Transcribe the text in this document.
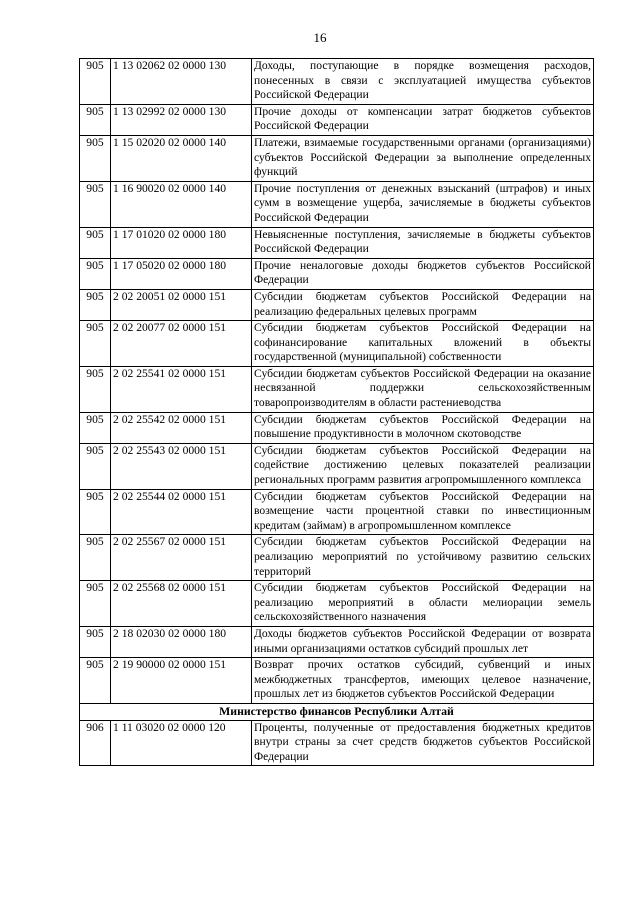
16
905	1 13 02062 02 0000 130	Доходы, поступающие в порядке возмещения расходов, понесенных в связи с эксплуатацией имущества субъектов Российской Федерации
905	1 13 02992 02 0000 130	Прочие доходы от компенсации затрат бюджетов субъектов Российской Федерации
905	1 15 02020 02 0000 140	Платежи, взимаемые государственными органами (организациями) субъектов Российской Федерации за выполнение определенных функций
905	1 16 90020 02 0000 140	Прочие поступления от денежных взысканий (штрафов) и иных сумм в возмещение ущерба, зачисляемые в бюджеты субъектов Российской Федерации
905	1 17 01020 02 0000 180	Невыясненные поступления, зачисляемые в бюджеты субъектов Российской Федерации
905	1 17 05020 02 0000 180	Прочие неналоговые доходы бюджетов субъектов Российской Федерации
905	2 02 20051 02 0000 151	Субсидии бюджетам субъектов Российской Федерации на реализацию федеральных целевых программ
905	2 02 20077 02 0000 151	Субсидии бюджетам субъектов Российской Федерации на софинансирование капитальных вложений в объекты государственной (муниципальной) собственности
905	2 02 25541 02 0000 151	Субсидии бюджетам субъектов Российской Федерации на оказание несвязанной поддержки сельскохозяйственным товаропроизводителям в области растениеводства
905	2 02 25542 02 0000 151	Субсидии бюджетам субъектов Российской Федерации на повышение продуктивности в молочном скотоводстве
905	2 02 25543 02 0000 151	Субсидии бюджетам субъектов Российской Федерации на содействие достижению целевых показателей реализации региональных программ развития агропромышленного комплекса
905	2 02 25544 02 0000 151	Субсидии бюджетам субъектов Российской Федерации на возмещение части процентной ставки по инвестиционным кредитам (займам) в агропромышленном комплексе
905	2 02 25567 02 0000 151	Субсидии бюджетам субъектов Российской Федерации на реализацию мероприятий по устойчивому развитию сельских территорий
905	2 02 25568 02 0000 151	Субсидии бюджетам субъектов Российской Федерации на реализацию мероприятий в области мелиорации земель сельскохозяйственного назначения
905	2 18 02030 02 0000 180	Доходы бюджетов субъектов Российской Федерации от возврата иными организациями остатков субсидий прошлых лет
905	2 19 90000 02 0000 151	Возврат прочих остатков субсидий, субвенций и иных межбюджетных трансфертов, имеющих целевое назначение, прошлых лет из бюджетов субъектов Российской Федерации
Министерство финансов Республики Алтай		
906	1 11 03020 02 0000 120	Проценты, полученные от предоставления бюджетных кредитов внутри страны за счет средств бюджетов субъектов Российской Федерации
